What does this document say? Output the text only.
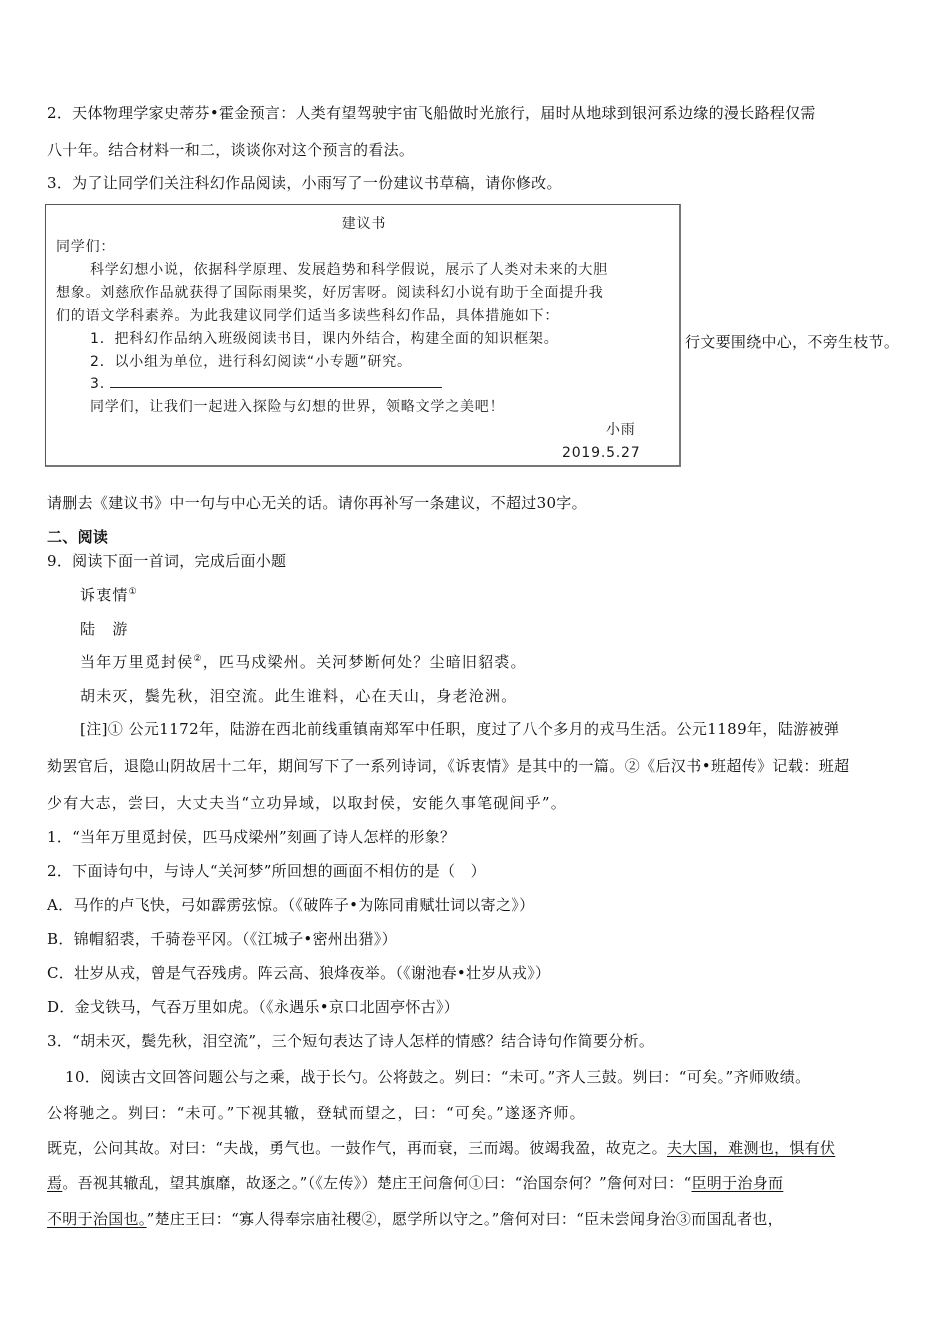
2．天体物理学家史蒂芬•霍金预言：人类有望驾驶宇宙飞船做时光旅行，届时从地球到银河系边缘的漫长路程仅需
八十年。结合材料一和二，谈谈你对这个预言的看法。
3．为了让同学们关注科幻作品阅读，小雨写了一份建议书草稿，请你修改。
建议书
同学们：
科学幻想小说，依据科学原理、发展趋势和科学假说，展示了人类对未来的大胆
想象。刘慈欣作品就获得了国际雨果奖，好厉害呀。阅读科幻小说有助于全面提升我
们的语文学科素养。为此我建议同学们适当多读些科幻作品，具体措施如下：
1．把科幻作品纳入班级阅读书目，课内外结合，构建全面的知识框架。
2．以小组为单位，进行科幻阅读“小专题”研究。
3.
同学们，让我们一起进入探险与幻想的世界，领略文学之美吧！
小雨
2019.5.27
行文要围绕中心，不旁生枝节。
请删去《建议书》中一句与中心无关的话。请你再补写一条建议，不超过30字。
二、阅读
9．阅读下面一首词，完成后面小题
诉衷情①
陆　游
当年万里觅封侯②，匹马戍梁州。关河梦断何处？尘暗旧貂裘。
胡未灭，鬓先秋，泪空流。此生谁料，心在天山，身老沧洲。
[注]① 公元1172年，陆游在西北前线重镇南郑军中任职，度过了八个多月的戎马生活。公元1189年，陆游被弹
劾罢官后，退隐山阴故居十二年，期间写下了一系列诗词，《诉衷情》是其中的一篇。②《后汉书•班超传》记载：班超
少有大志，尝曰，大丈夫当“立功异域，以取封侯，安能久事笔砚间乎”。
1．“当年万里觅封侯，匹马戍梁州”刻画了诗人怎样的形象？
2．下面诗句中，与诗人“关河梦”所回想的画面不相仿的是（　）
A．马作的卢飞快，弓如霹雳弦惊。（《破阵子•为陈同甫赋壮词以寄之》）
B．锦帽貂裘，千骑卷平冈。（《江城子•密州出猎》）
C．壮岁从戎，曾是气吞残虏。阵云高、狼烽夜举。（《谢池春•壮岁从戎》）
D．金戈铁马，气吞万里如虎。（《永遇乐•京口北固亭怀古》）
3．“胡未灭，鬓先秋，泪空流”，三个短句表达了诗人怎样的情感？结合诗句作简要分析。
10．阅读古文回答问题公与之乘，战于长勺。公将鼓之。刿曰：“未可。”齐人三鼓。刿曰：“可矣。”齐师败绩。
公将驰之。刿曰：“未可。”下视其辙，登轼而望之，曰：“可矣。”遂逐齐师。
既克，公问其故。对曰：“夫战，勇气也。一鼓作气，再而衰，三而竭。彼竭我盈，故克之。夫大国，难测也，惧有伏
焉。吾视其辙乱，望其旗靡，故逐之。”（《左传》）楚庄王问詹何①曰：“治国奈何？”詹何对曰：“臣明于治身而
不明于治国也。”楚庄王曰：“寡人得奉宗庙社稷②，愿学所以守之。”詹何对曰：“臣未尝闻身治③而国乱者也，
